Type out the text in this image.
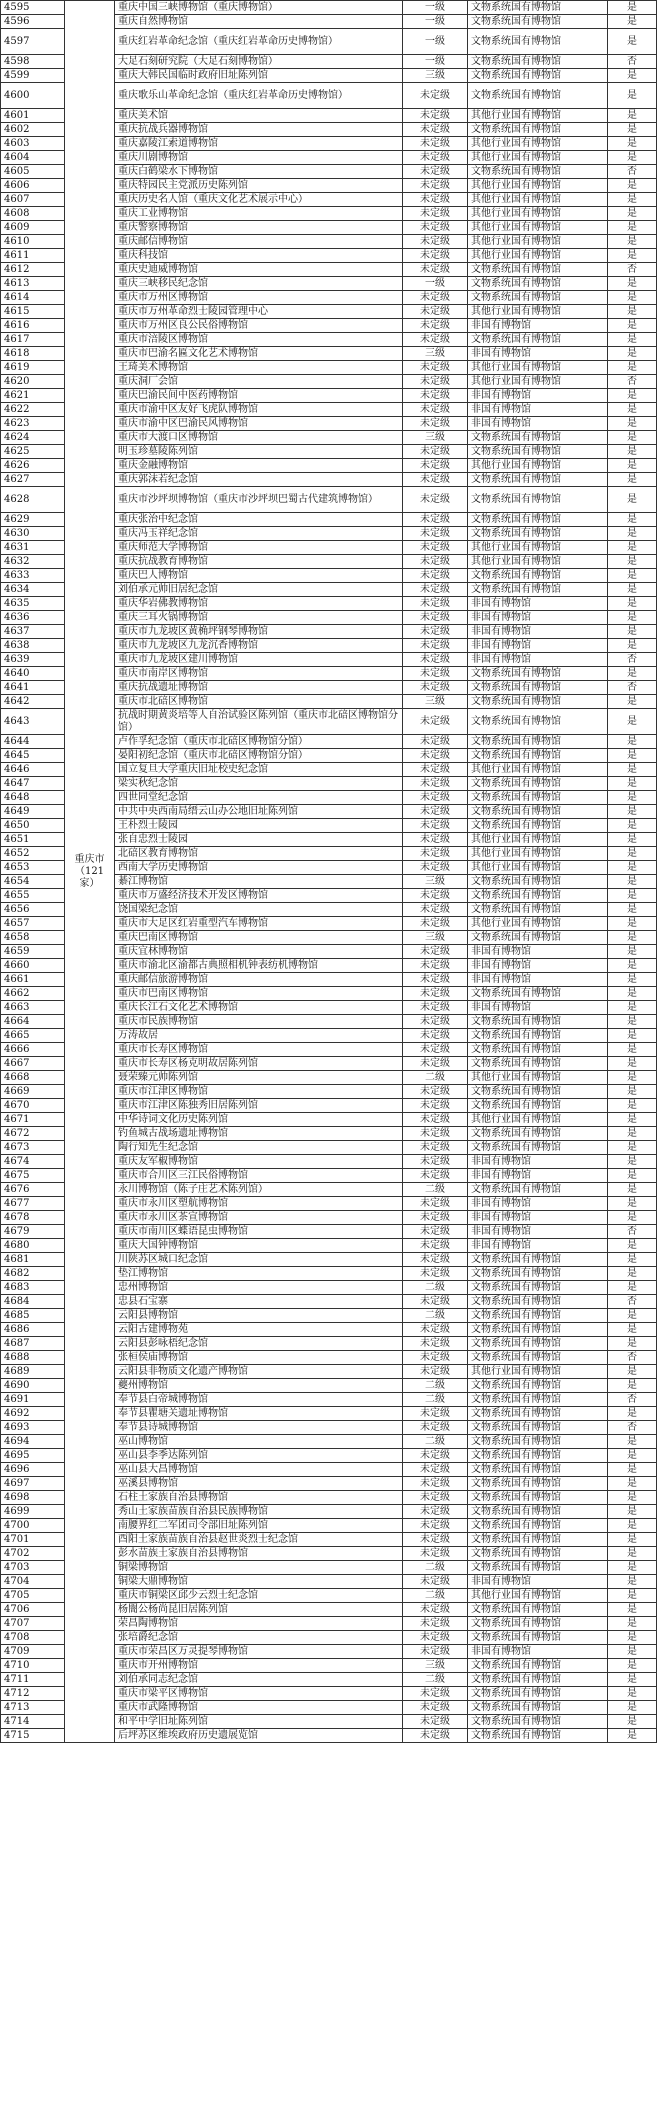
4595	重庆市（121家）	重庆中国三峡博物馆（重庆博物馆）	一级	文物系统国有博物馆	是
4596		重庆自然博物馆	一级	文物系统国有博物馆	是
4597		重庆红岩革命纪念馆（重庆红岩革命历史博物馆）	一级	文物系统国有博物馆	是
4598		大足石刻研究院（大足石刻博物馆）	一级	文物系统国有博物馆	否
4599		重庆大韩民国临时政府旧址陈列馆	三级	文物系统国有博物馆	是
4600		重庆歌乐山革命纪念馆（重庆红岩革命历史博物馆）	未定级	文物系统国有博物馆	是
4601		重庆美术馆	未定级	其他行业国有博物馆	是
4602		重庆抗战兵器博物馆	未定级	文物系统国有博物馆	是
4603		重庆嘉陵江索道博物馆	未定级	其他行业国有博物馆	是
4604		重庆川剧博物馆	未定级	其他行业国有博物馆	是
4605		重庆白鹤梁水下博物馆	未定级	文物系统国有博物馆	否
4606		重庆特园民主党派历史陈列馆	未定级	其他行业国有博物馆	是
4607		重庆历史名人馆（重庆文化艺术展示中心）	未定级	其他行业国有博物馆	是
4608		重庆工业博物馆	未定级	其他行业国有博物馆	是
4609		重庆警察博物馆	未定级	其他行业国有博物馆	是
4610		重庆邮信博物馆	未定级	其他行业国有博物馆	是
4611		重庆科技馆	未定级	其他行业国有博物馆	是
4612		重庆史迪威博物馆	未定级	文物系统国有博物馆	否
4613		重庆三峡移民纪念馆	一级	文物系统国有博物馆	是
4614		重庆市万州区博物馆	未定级	文物系统国有博物馆	是
4615		重庆市万州革命烈士陵园管理中心	未定级	其他行业国有博物馆	是
4616		重庆市万州区良公民俗博物馆	未定级	非国有博物馆	是
4617		重庆市涪陵区博物馆	未定级	文物系统国有博物馆	是
4618		重庆市巴渝名匾文化艺术博物馆	三级	非国有博物馆	是
4619		王琦美术博物馆	未定级	其他行业国有博物馆	是
4620		重庆洞厂会馆	未定级	其他行业国有博物馆	否
4621		重庆巴渝民间中医药博物馆	未定级	非国有博物馆	是
4622		重庆市渝中区友好飞虎队博物馆	未定级	非国有博物馆	是
4623		重庆市渝中区巴渝民风博物馆	未定级	非国有博物馆	是
4624		重庆市大渡口区博物馆	三级	文物系统国有博物馆	是
4625		明玉珍墓陵陈列馆	未定级	文物系统国有博物馆	是
4626		重庆金融博物馆	未定级	其他行业国有博物馆	是
4627		重庆郭沫若纪念馆	未定级	文物系统国有博物馆	是
4628		重庆市沙坪坝博物馆（重庆市沙坪坝巴蜀古代建筑博物馆）	未定级	文物系统国有博物馆	是
4629		重庆张治中纪念馆	未定级	文物系统国有博物馆	是
4630		重庆冯玉祥纪念馆	未定级	文物系统国有博物馆	是
4631		重庆师范大学博物馆	未定级	其他行业国有博物馆	是
4632		重庆抗战教育博物馆	未定级	其他行业国有博物馆	是
4633		重庆巴人博物馆	未定级	文物系统国有博物馆	是
4634		刘伯承元帅旧居纪念馆	未定级	文物系统国有博物馆	是
4635		重庆华岩佛教博物馆	未定级	非国有博物馆	是
4636		重庆三耳火锅博物馆	未定级	非国有博物馆	是
4637		重庆市九龙坡区黄桷坪钢琴博物馆	未定级	非国有博物馆	是
4638		重庆市九龙坡区九龙沉香博物馆	未定级	非国有博物馆	是
4639		重庆市九龙坡区建川博物馆	未定级	非国有博物馆	否
4640		重庆市南岸区博物馆	未定级	文物系统国有博物馆	是
4641		重庆抗战遗址博物馆	未定级	文物系统国有博物馆	否
4642		重庆市北碚区博物馆	三级	文物系统国有博物馆	是
4643		抗战时期黄炎培等人自治试验区陈列馆（重庆市北碚区博物馆分馆）	未定级	文物系统国有博物馆	是
4644		卢作孚纪念馆（重庆市北碚区博物馆分馆）	未定级	文物系统国有博物馆	是
4645		晏阳初纪念馆（重庆市北碚区博物馆分馆）	未定级	文物系统国有博物馆	是
4646		国立复旦大学重庆旧址校史纪念馆	未定级	其他行业国有博物馆	是
4647		梁实秋纪念馆	未定级	文物系统国有博物馆	是
4648		四世同堂纪念馆	未定级	文物系统国有博物馆	是
4649		中共中央西南局缙云山办公地旧址陈列馆	未定级	文物系统国有博物馆	是
4650		王朴烈士陵园	未定级	文物系统国有博物馆	是
4651		张自忠烈士陵园	未定级	其他行业国有博物馆	是
4652		北碚区教育博物馆	未定级	其他行业国有博物馆	是
4653		西南大学历史博物馆	未定级	其他行业国有博物馆	是
4654		綦江博物馆	三级	文物系统国有博物馆	是
4655		重庆市万盛经济技术开发区博物馆	未定级	文物系统国有博物馆	是
4656		饶国梁纪念馆	未定级	文物系统国有博物馆	是
4657		重庆市大足区红岩重型汽车博物馆	未定级	其他行业国有博物馆	是
4658		重庆巴南区博物馆	三级	文物系统国有博物馆	是
4659		重庆宜林博物馆	未定级	非国有博物馆	是
4660		重庆市渝北区渝都古典照相机钟表纺机博物馆	未定级	非国有博物馆	是
4661		重庆邮信旅游博物馆	未定级	非国有博物馆	是
4662		重庆市巴南区博物馆	未定级	文物系统国有博物馆	是
4663		重庆长江石文化艺术博物馆	未定级	非国有博物馆	是
4664		重庆市民族博物馆	未定级	文物系统国有博物馆	是
4665		万涛故居	未定级	文物系统国有博物馆	是
4666		重庆市长寿区博物馆	未定级	文物系统国有博物馆	是
4667		重庆市长寿区杨克明故居陈列馆	未定级	文物系统国有博物馆	是
4668		聂荣臻元帅陈列馆	二级	其他行业国有博物馆	是
4669		重庆市江津区博物馆	未定级	文物系统国有博物馆	是
4670		重庆市江津区陈独秀旧居陈列馆	未定级	文物系统国有博物馆	是
4671		中华诗词文化历史陈列馆	未定级	其他行业国有博物馆	是
4672		钓鱼城古战场遗址博物馆	未定级	文物系统国有博物馆	是
4673		陶行知先生纪念馆	未定级	文物系统国有博物馆	是
4674		重庆友军椒博物馆	未定级	非国有博物馆	是
4675		重庆市合川区三江民俗博物馆	未定级	非国有博物馆	是
4676		永川博物馆（陈子庄艺术陈列馆）	二级	文物系统国有博物馆	是
4677		重庆市永川区塑航博物馆	未定级	非国有博物馆	是
4678		重庆市永川区茶宣博物馆	未定级	非国有博物馆	是
4679		重庆市南川区蝶语昆虫博物馆	未定级	非国有博物馆	否
4680		重庆大国钟博物馆	未定级	非国有博物馆	是
4681		川陕苏区城口纪念馆	未定级	文物系统国有博物馆	是
4682		垫江博物馆	未定级	文物系统国有博物馆	是
4683		忠州博物馆	二级	文物系统国有博物馆	是
4684		忠县石宝寨	未定级	文物系统国有博物馆	否
4685		云阳县博物馆	二级	文物系统国有博物馆	是
4686		云阳古建博物苑	未定级	文物系统国有博物馆	是
4687		云阳县彭咏梧纪念馆	未定级	文物系统国有博物馆	是
4688		张桓侯庙博物馆	未定级	文物系统国有博物馆	否
4689		云阳县非物质文化遗产博物馆	未定级	其他行业国有博物馆	是
4690		夔州博物馆	二级	文物系统国有博物馆	是
4691		奉节县白帝城博物馆	二级	文物系统国有博物馆	否
4692		奉节县瞿塘关遗址博物馆	未定级	文物系统国有博物馆	是
4693		奉节县诗城博物馆	未定级	文物系统国有博物馆	否
4694		巫山博物馆	二级	文物系统国有博物馆	是
4695		巫山县李季达陈列馆	未定级	文物系统国有博物馆	是
4696		巫山县大昌博物馆	未定级	文物系统国有博物馆	是
4697		巫溪县博物馆	未定级	文物系统国有博物馆	是
4698		石柱土家族自治县博物馆	未定级	文物系统国有博物馆	是
4699		秀山土家族苗族自治县民族博物馆	未定级	文物系统国有博物馆	是
4700		南腰界红二军团司令部旧址陈列馆	未定级	文物系统国有博物馆	是
4701		酉阳土家族苗族自治县赵世炎烈士纪念馆	未定级	文物系统国有博物馆	是
4702		彭水苗族土家族自治县博物馆	未定级	文物系统国有博物馆	是
4703		铜梁博物馆	二级	文物系统国有博物馆	是
4704		铜梁大鼎博物馆	未定级	非国有博物馆	是
4705		重庆市铜梁区邱少云烈士纪念馆	二级	其他行业国有博物馆	是
4706		杨闇公杨尚昆旧居陈列馆	未定级	文物系统国有博物馆	是
4707		荣昌陶博物馆	未定级	文物系统国有博物馆	是
4708		张培爵纪念馆	未定级	文物系统国有博物馆	是
4709		重庆市荣昌区万灵提琴博物馆	未定级	非国有博物馆	是
4710		重庆市开州博物馆	三级	文物系统国有博物馆	是
4711		刘伯承同志纪念馆	二级	文物系统国有博物馆	是
4712		重庆市梁平区博物馆	未定级	文物系统国有博物馆	是
4713		重庆市武隆博物馆	未定级	文物系统国有博物馆	是
4714		和平中学旧址陈列馆	未定级	文物系统国有博物馆	是
4715		后坪苏区维埃政府历史遗展览馆	未定级	文物系统国有博物馆	是
